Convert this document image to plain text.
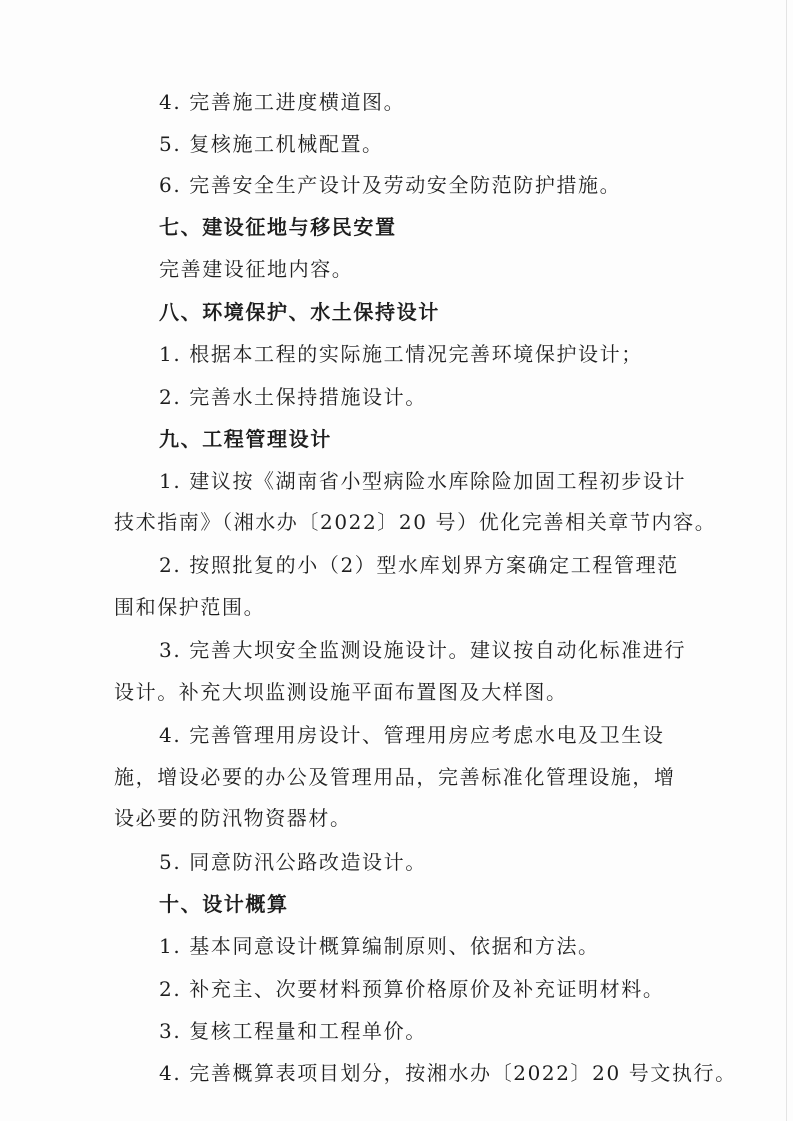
4. 完善施工进度横道图。
5. 复核施工机械配置。
6. 完善安全生产设计及劳动安全防范防护措施。
七、建设征地与移民安置
完善建设征地内容。
八、环境保护、水土保持设计
1. 根据本工程的实际施工情况完善环境保护设计；
2. 完善水土保持措施设计。
九、工程管理设计
1. 建议按《湖南省小型病险水库除险加固工程初步设计
技术指南》（湘水办〔2022〕20 号）优化完善相关章节内容。
2. 按照批复的小（2）型水库划界方案确定工程管理范
围和保护范围。
3. 完善大坝安全监测设施设计。建议按自动化标准进行
设计。补充大坝监测设施平面布置图及大样图。
4. 完善管理用房设计、管理用房应考虑水电及卫生设
施，增设必要的办公及管理用品，完善标准化管理设施，增
设必要的防汛物资器材。
5. 同意防汛公路改造设计。
十、设计概算
1. 基本同意设计概算编制原则、依据和方法。
2. 补充主、次要材料预算价格原价及补充证明材料。
3. 复核工程量和工程单价。
4. 完善概算表项目划分，按湘水办〔2022〕20 号文执行。
